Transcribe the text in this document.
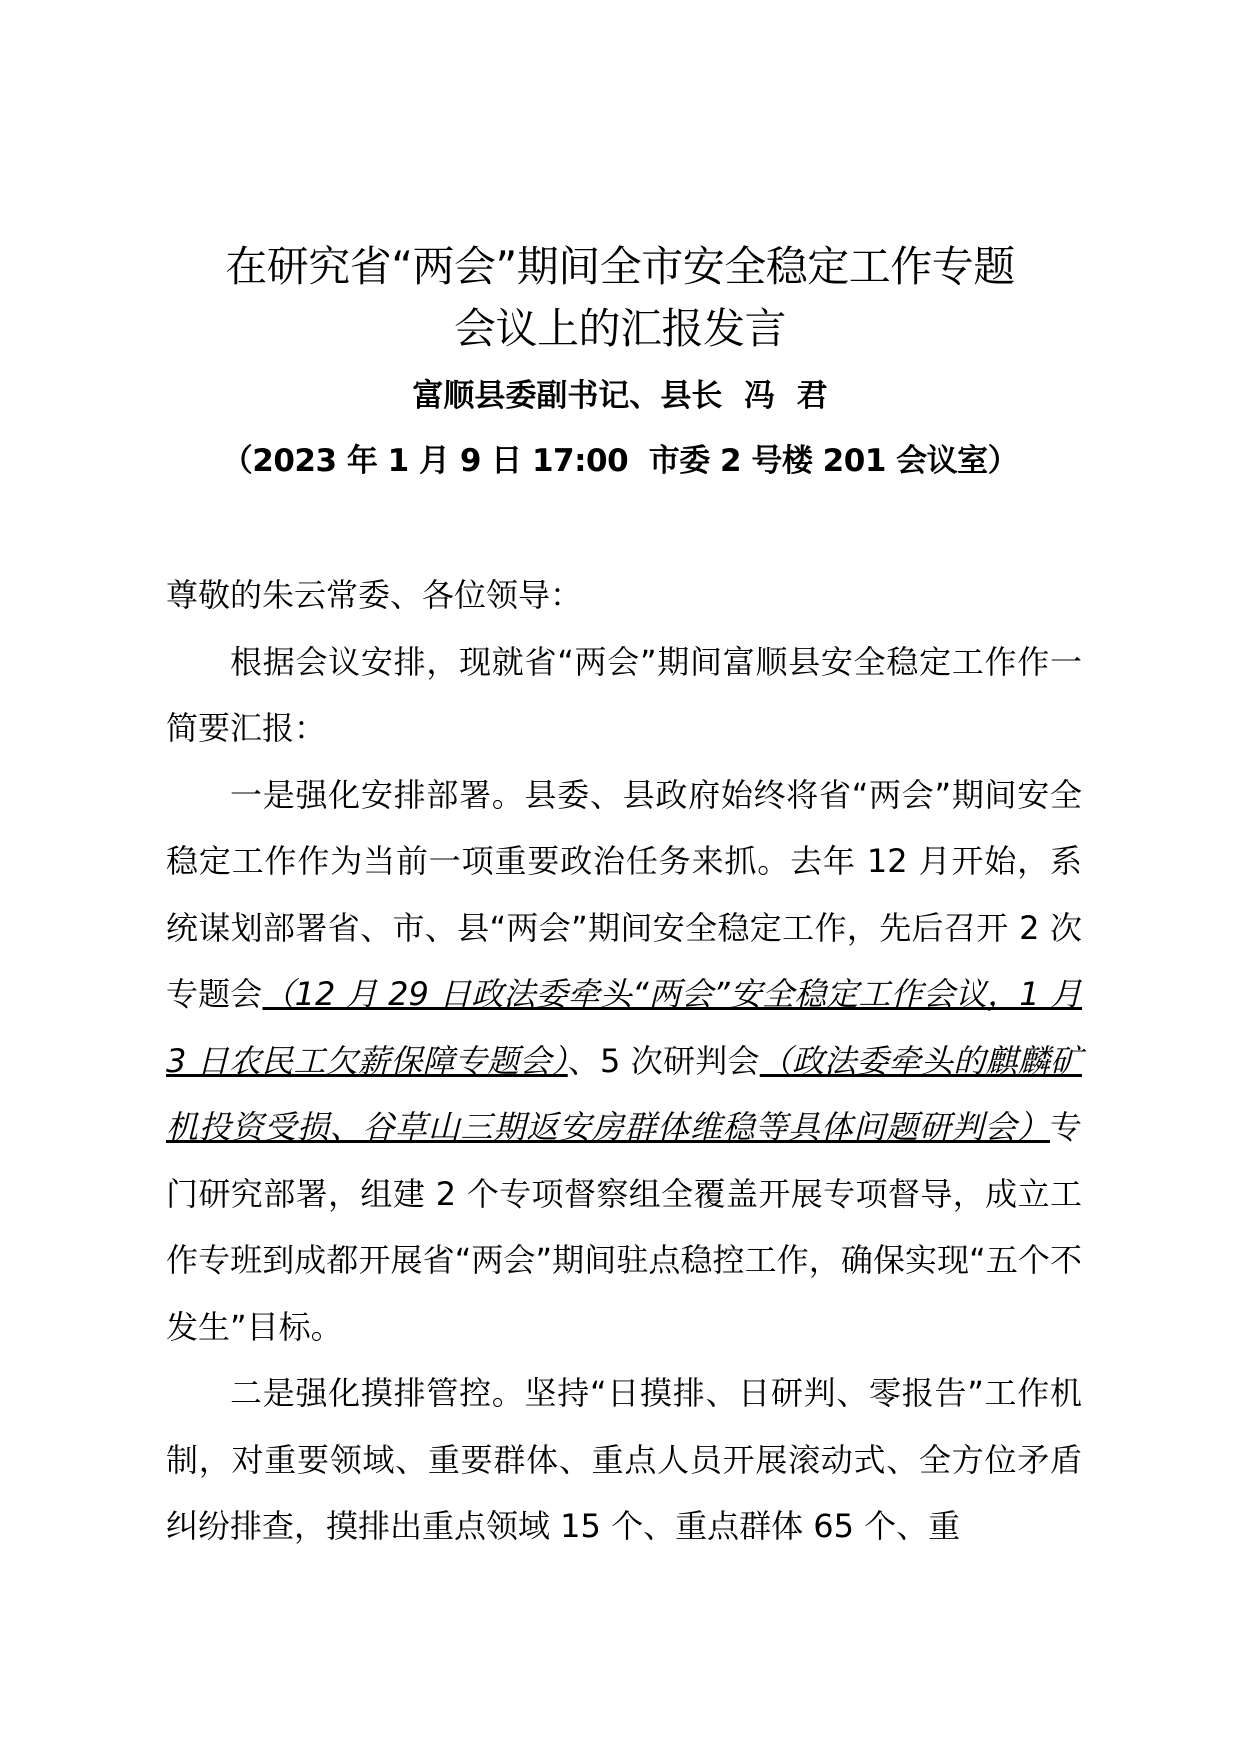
在研究省“两会”期间全市安全稳定工作专题
会议上的汇报发言
富顺县委副书记、县长  冯  君
（2023 年 1 月 9 日 17:00  市委 2 号楼 201 会议室）

尊敬的朱云常委、各位领导：

根据会议安排，现就省“两会”期间富顺县安全稳定工作作一简要汇报：

一是强化安排部署。县委、县政府始终将省“两会”期间安全稳定工作作为当前一项重要政治任务来抓。去年 12 月开始，系统谋划部署省、市、县“两会”期间安全稳定工作，先后召开 2 次专题会（12 月 29 日政法委牵头“两会”安全稳定工作会议，1 月 3 日农民工欠薪保障专题会）、5 次研判会（政法委牵头的麒麟矿机投资受损、谷草山三期返安房群体维稳等具体问题研判会）专门研究部署，组建 2 个专项督察组全覆盖开展专项督导，成立工作专班到成都开展省“两会”期间驻点稳控工作，确保实现“五个不发生”目标。

二是强化摸排管控。坚持“日摸排、日研判、零报告”工作机制，对重要领域、重要群体、重点人员开展滚动式、全方位矛盾纠纷排查，摸排出重点领域 15 个、重点群体 65 个、重
